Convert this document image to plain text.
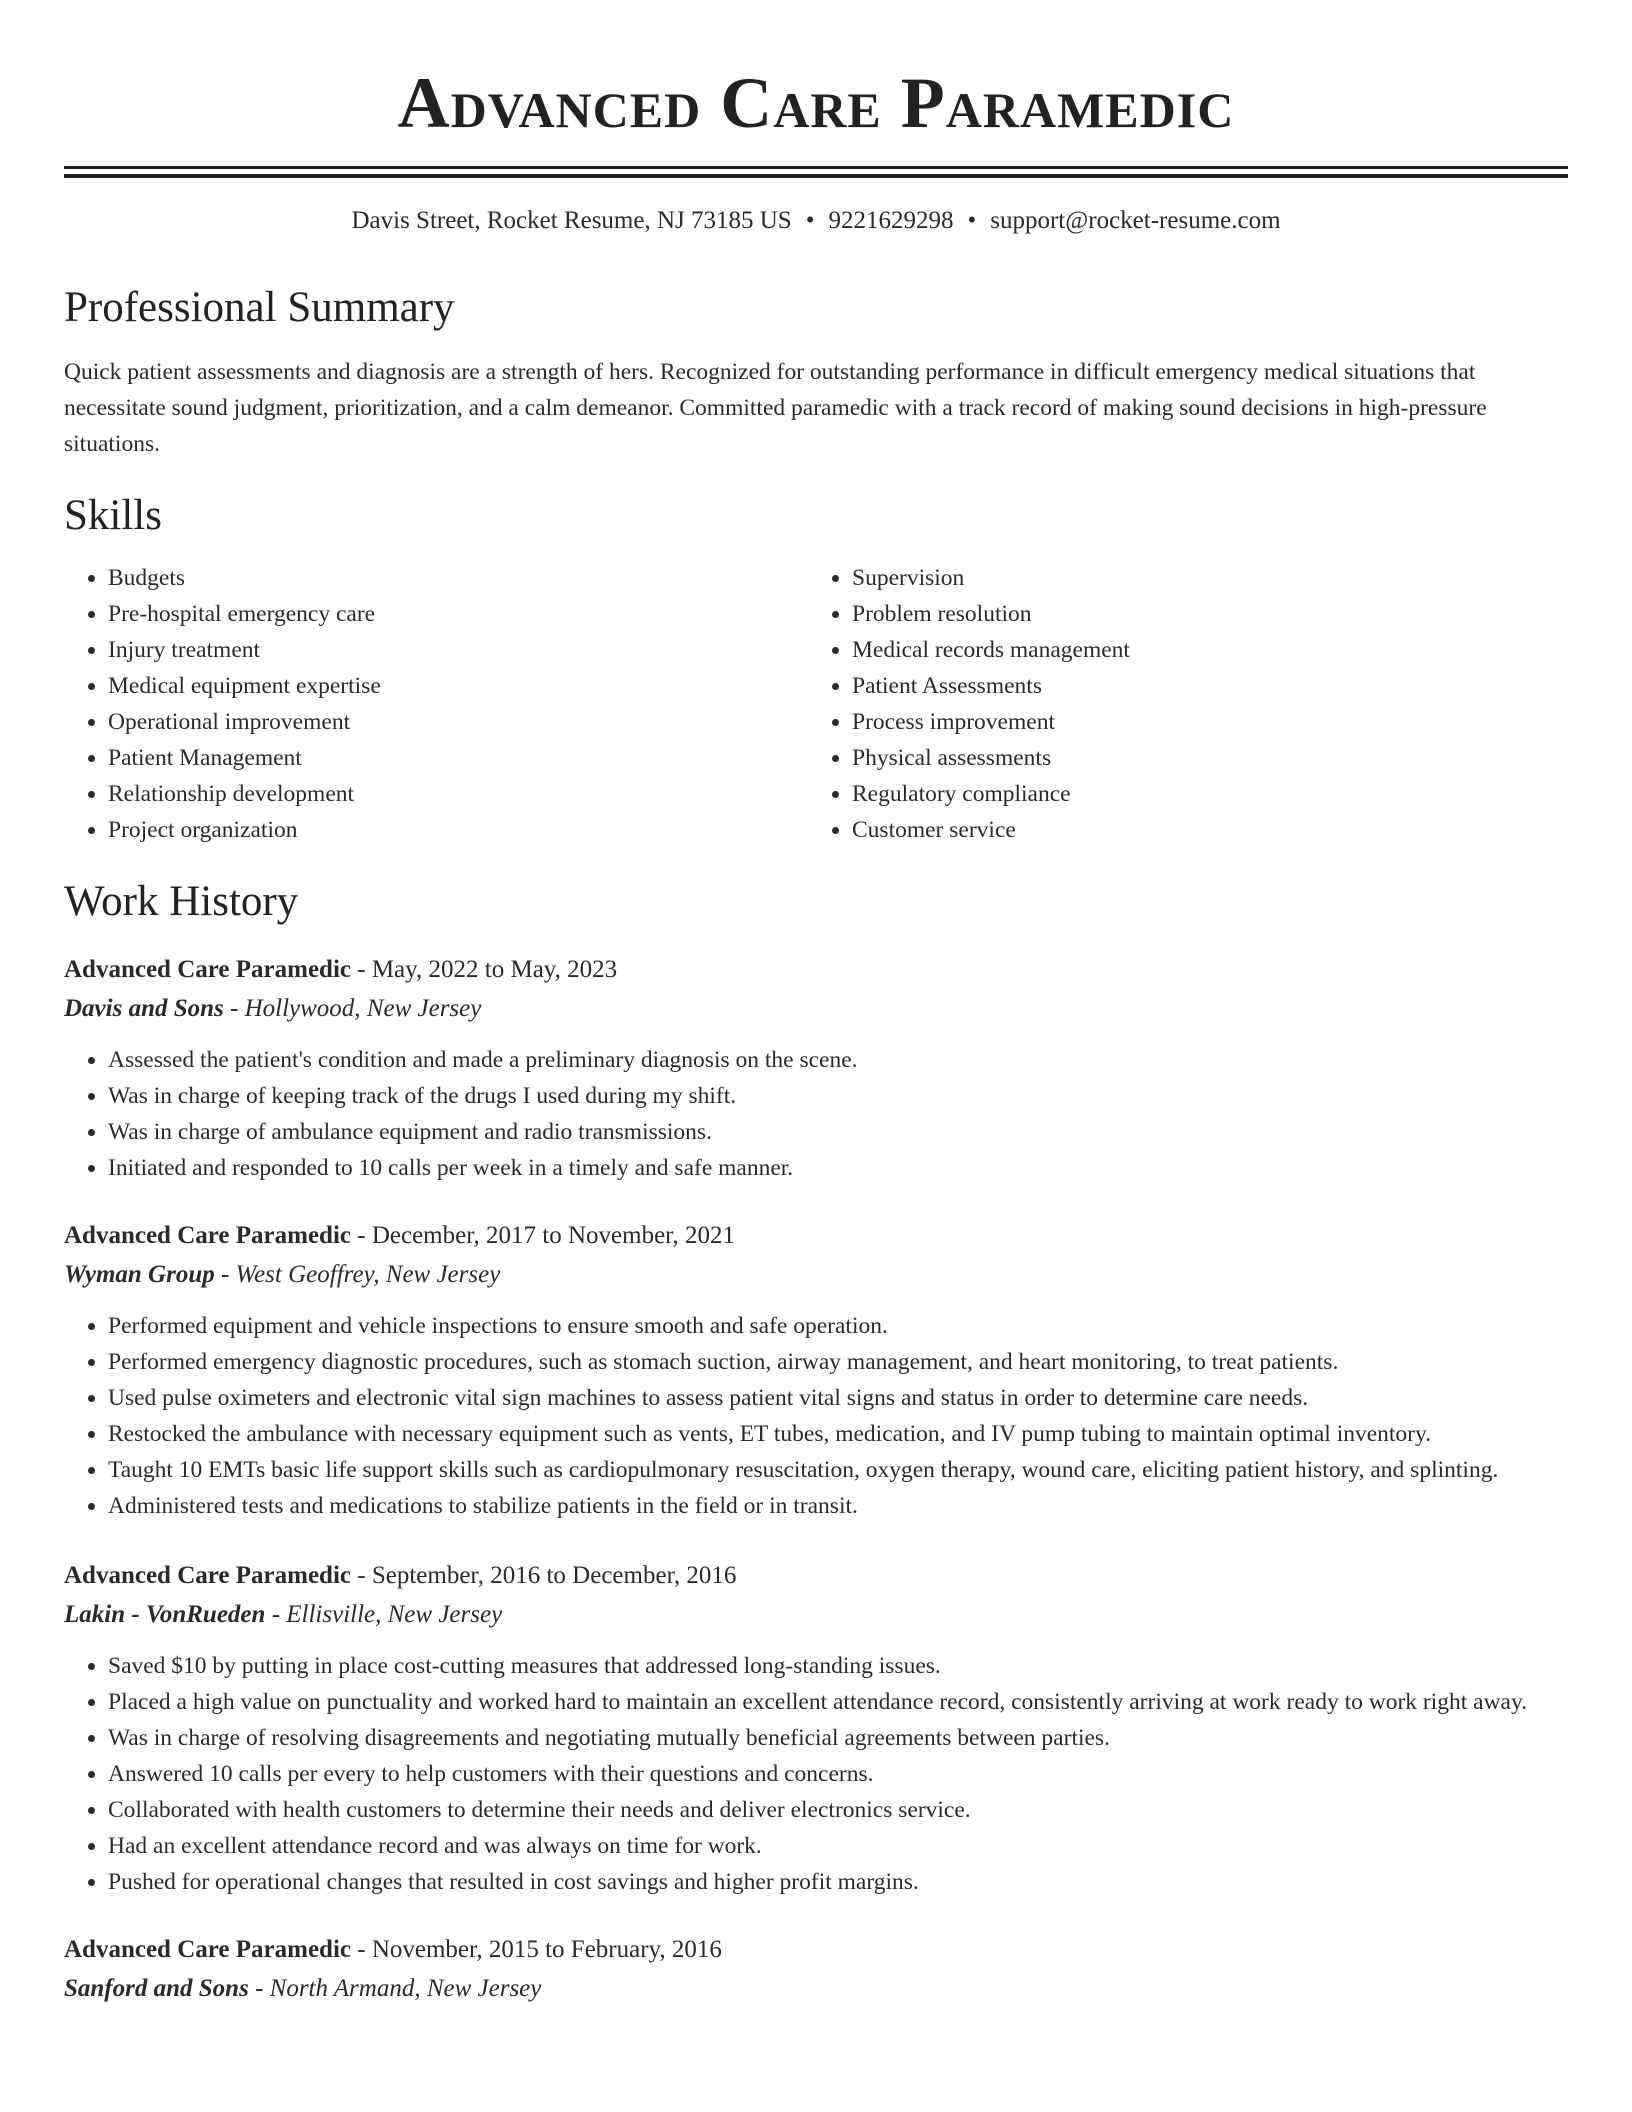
Advanced Care Paramedic
Davis Street, Rocket Resume, NJ 73185 US • 9221629298 • support@rocket-resume.com
Professional Summary

Quick patient assessments and diagnosis are a strength of hers. Recognized for outstanding performance in difficult emergency medical situations that necessitate sound judgment, prioritization, and a calm demeanor. Committed paramedic with a track record of making sound decisions in high-pressure situations.

Skills
• Budgets
• Pre-hospital emergency care
• Injury treatment
• Medical equipment expertise
• Operational improvement
• Patient Management
• Relationship development
• Project organization
• Supervision
• Problem resolution
• Medical records management
• Patient Assessments
• Process improvement
• Physical assessments
• Regulatory compliance
• Customer service
Work History
Advanced Care Paramedic - May, 2022 to May, 2023
Davis and Sons - Hollywood, New Jersey
• Assessed the patient's condition and made a preliminary diagnosis on the scene.
• Was in charge of keeping track of the drugs I used during my shift.
• Was in charge of ambulance equipment and radio transmissions.
• Initiated and responded to 10 calls per week in a timely and safe manner.
Advanced Care Paramedic - December, 2017 to November, 2021
Wyman Group - West Geoffrey, New Jersey
• Performed equipment and vehicle inspections to ensure smooth and safe operation.
• Performed emergency diagnostic procedures, such as stomach suction, airway management, and heart monitoring, to treat patients.
• Used pulse oximeters and electronic vital sign machines to assess patient vital signs and status in order to determine care needs.
• Restocked the ambulance with necessary equipment such as vents, ET tubes, medication, and IV pump tubing to maintain optimal inventory.
• Taught 10 EMTs basic life support skills such as cardiopulmonary resuscitation, oxygen therapy, wound care, eliciting patient history, and splinting.
• Administered tests and medications to stabilize patients in the field or in transit.
Advanced Care Paramedic - September, 2016 to December, 2016
Lakin - VonRueden - Ellisville, New Jersey
• Saved $10 by putting in place cost-cutting measures that addressed long-standing issues.
• Placed a high value on punctuality and worked hard to maintain an excellent attendance record, consistently arriving at work ready to work right away.
• Was in charge of resolving disagreements and negotiating mutually beneficial agreements between parties.
• Answered 10 calls per every to help customers with their questions and concerns.
• Collaborated with health customers to determine their needs and deliver electronics service.
• Had an excellent attendance record and was always on time for work.
• Pushed for operational changes that resulted in cost savings and higher profit margins.
Advanced Care Paramedic - November, 2015 to February, 2016
Sanford and Sons - North Armand, New Jersey
